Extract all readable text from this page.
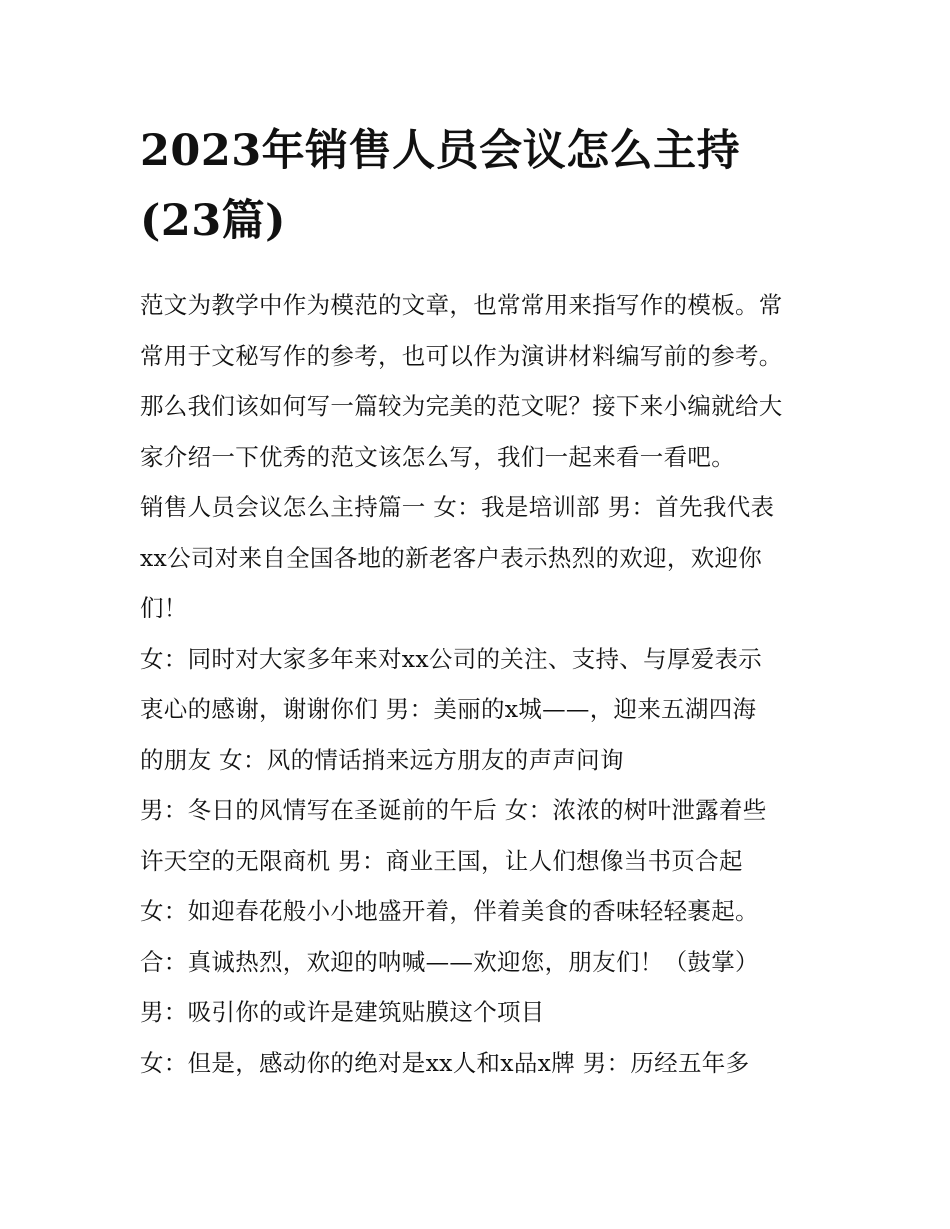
2023年销售人员会议怎么主持
(23篇)
范文为教学中作为模范的文章，也常常用来指写作的模板。常
常用于文秘写作的参考，也可以作为演讲材料编写前的参考。
那么我们该如何写一篇较为完美的范文呢？接下来小编就给大
家介绍一下优秀的范文该怎么写，我们一起来看一看吧。
销售人员会议怎么主持篇一 女：我是培训部 男：首先我代表
xx公司对来自全国各地的新老客户表示热烈的欢迎，欢迎你
们！
女：同时对大家多年来对xx公司的关注、支持、与厚爱表示
衷心的感谢，谢谢你们 男：美丽的x城——，迎来五湖四海
的朋友 女：风的情话捎来远方朋友的声声问询
男：冬日的风情写在圣诞前的午后 女：浓浓的树叶泄露着些
许天空的无限商机 男：商业王国，让人们想像当书页合起
女：如迎春花般小小地盛开着，伴着美食的香味轻轻裹起。
合：真诚热烈，欢迎的呐喊——欢迎您，朋友们！（鼓掌）
男：吸引你的或许是建筑贴膜这个项目
女：但是，感动你的绝对是xx人和x品x牌 男：历经五年多
